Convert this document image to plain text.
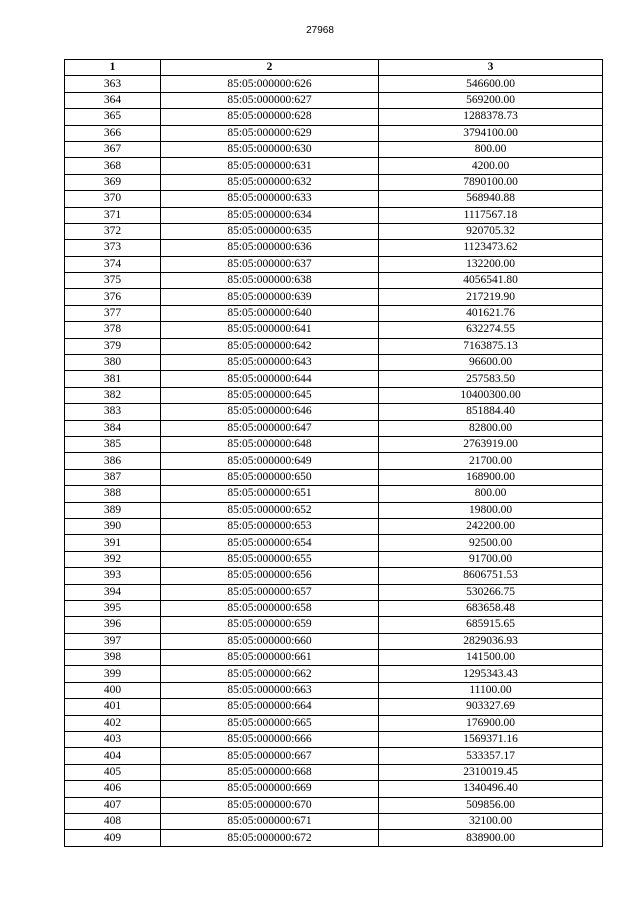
27968
1	2	3
363	85:05:000000:626	546600.00
364	85:05:000000:627	569200.00
365	85:05:000000:628	1288378.73
366	85:05:000000:629	3794100.00
367	85:05:000000:630	800.00
368	85:05:000000:631	4200.00
369	85:05:000000:632	7890100.00
370	85:05:000000:633	568940.88
371	85:05:000000:634	1117567.18
372	85:05:000000:635	920705.32
373	85:05:000000:636	1123473.62
374	85:05:000000:637	132200.00
375	85:05:000000:638	4056541.80
376	85:05:000000:639	217219.90
377	85:05:000000:640	401621.76
378	85:05:000000:641	632274.55
379	85:05:000000:642	7163875.13
380	85:05:000000:643	96600.00
381	85:05:000000:644	257583.50
382	85:05:000000:645	10400300.00
383	85:05:000000:646	851884.40
384	85:05:000000:647	82800.00
385	85:05:000000:648	2763919.00
386	85:05:000000:649	21700.00
387	85:05:000000:650	168900.00
388	85:05:000000:651	800.00
389	85:05:000000:652	19800.00
390	85:05:000000:653	242200.00
391	85:05:000000:654	92500.00
392	85:05:000000:655	91700.00
393	85:05:000000:656	8606751.53
394	85:05:000000:657	530266.75
395	85:05:000000:658	683658.48
396	85:05:000000:659	685915.65
397	85:05:000000:660	2829036.93
398	85:05:000000:661	141500.00
399	85:05:000000:662	1295343.43
400	85:05:000000:663	11100.00
401	85:05:000000:664	903327.69
402	85:05:000000:665	176900.00
403	85:05:000000:666	1569371.16
404	85:05:000000:667	533357.17
405	85:05:000000:668	2310019.45
406	85:05:000000:669	1340496.40
407	85:05:000000:670	509856.00
408	85:05:000000:671	32100.00
409	85:05:000000:672	838900.00
